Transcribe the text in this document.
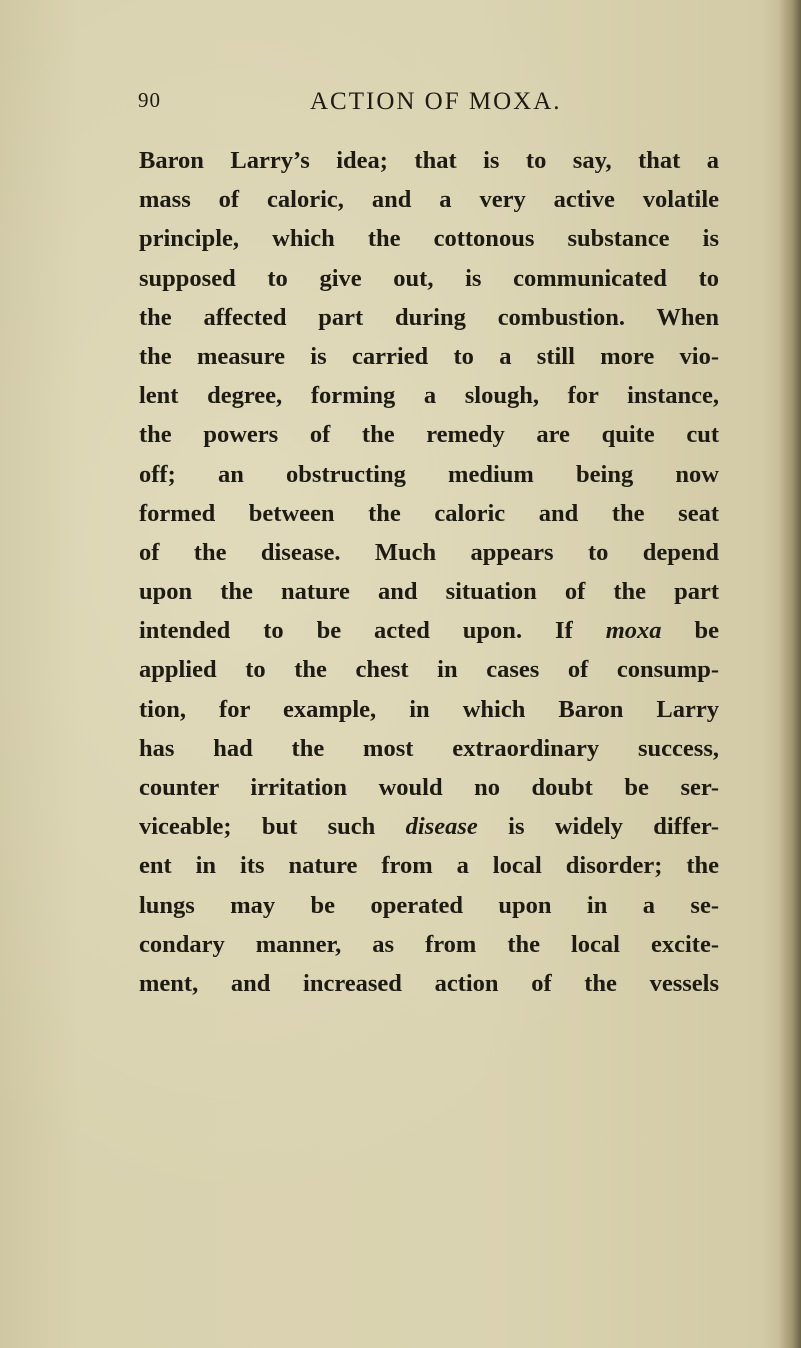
90	ACTION OF MOXA.
Baron Larry’s idea; that is to say, that a
mass of caloric, and a very active volatile
principle, which the cottonous substance is
supposed to give out, is communicated to
the affected part during combustion. When
the measure is carried to a still more vio-
lent degree, forming a slough, for instance,
the powers of the remedy are quite cut
off; an obstructing medium being now
formed between the caloric and the seat
of the disease. Much appears to depend
upon the nature and situation of the part
intended to be acted upon. If moxa be
applied to the chest in cases of consump-
tion, for example, in which Baron Larry
has had the most extraordinary success,
counter irritation would no doubt be ser-
viceable; but such disease is widely differ-
ent in its nature from a local disorder; the
lungs may be operated upon in a se-
condary manner, as from the local excite-
ment, and increased action of the vessels
